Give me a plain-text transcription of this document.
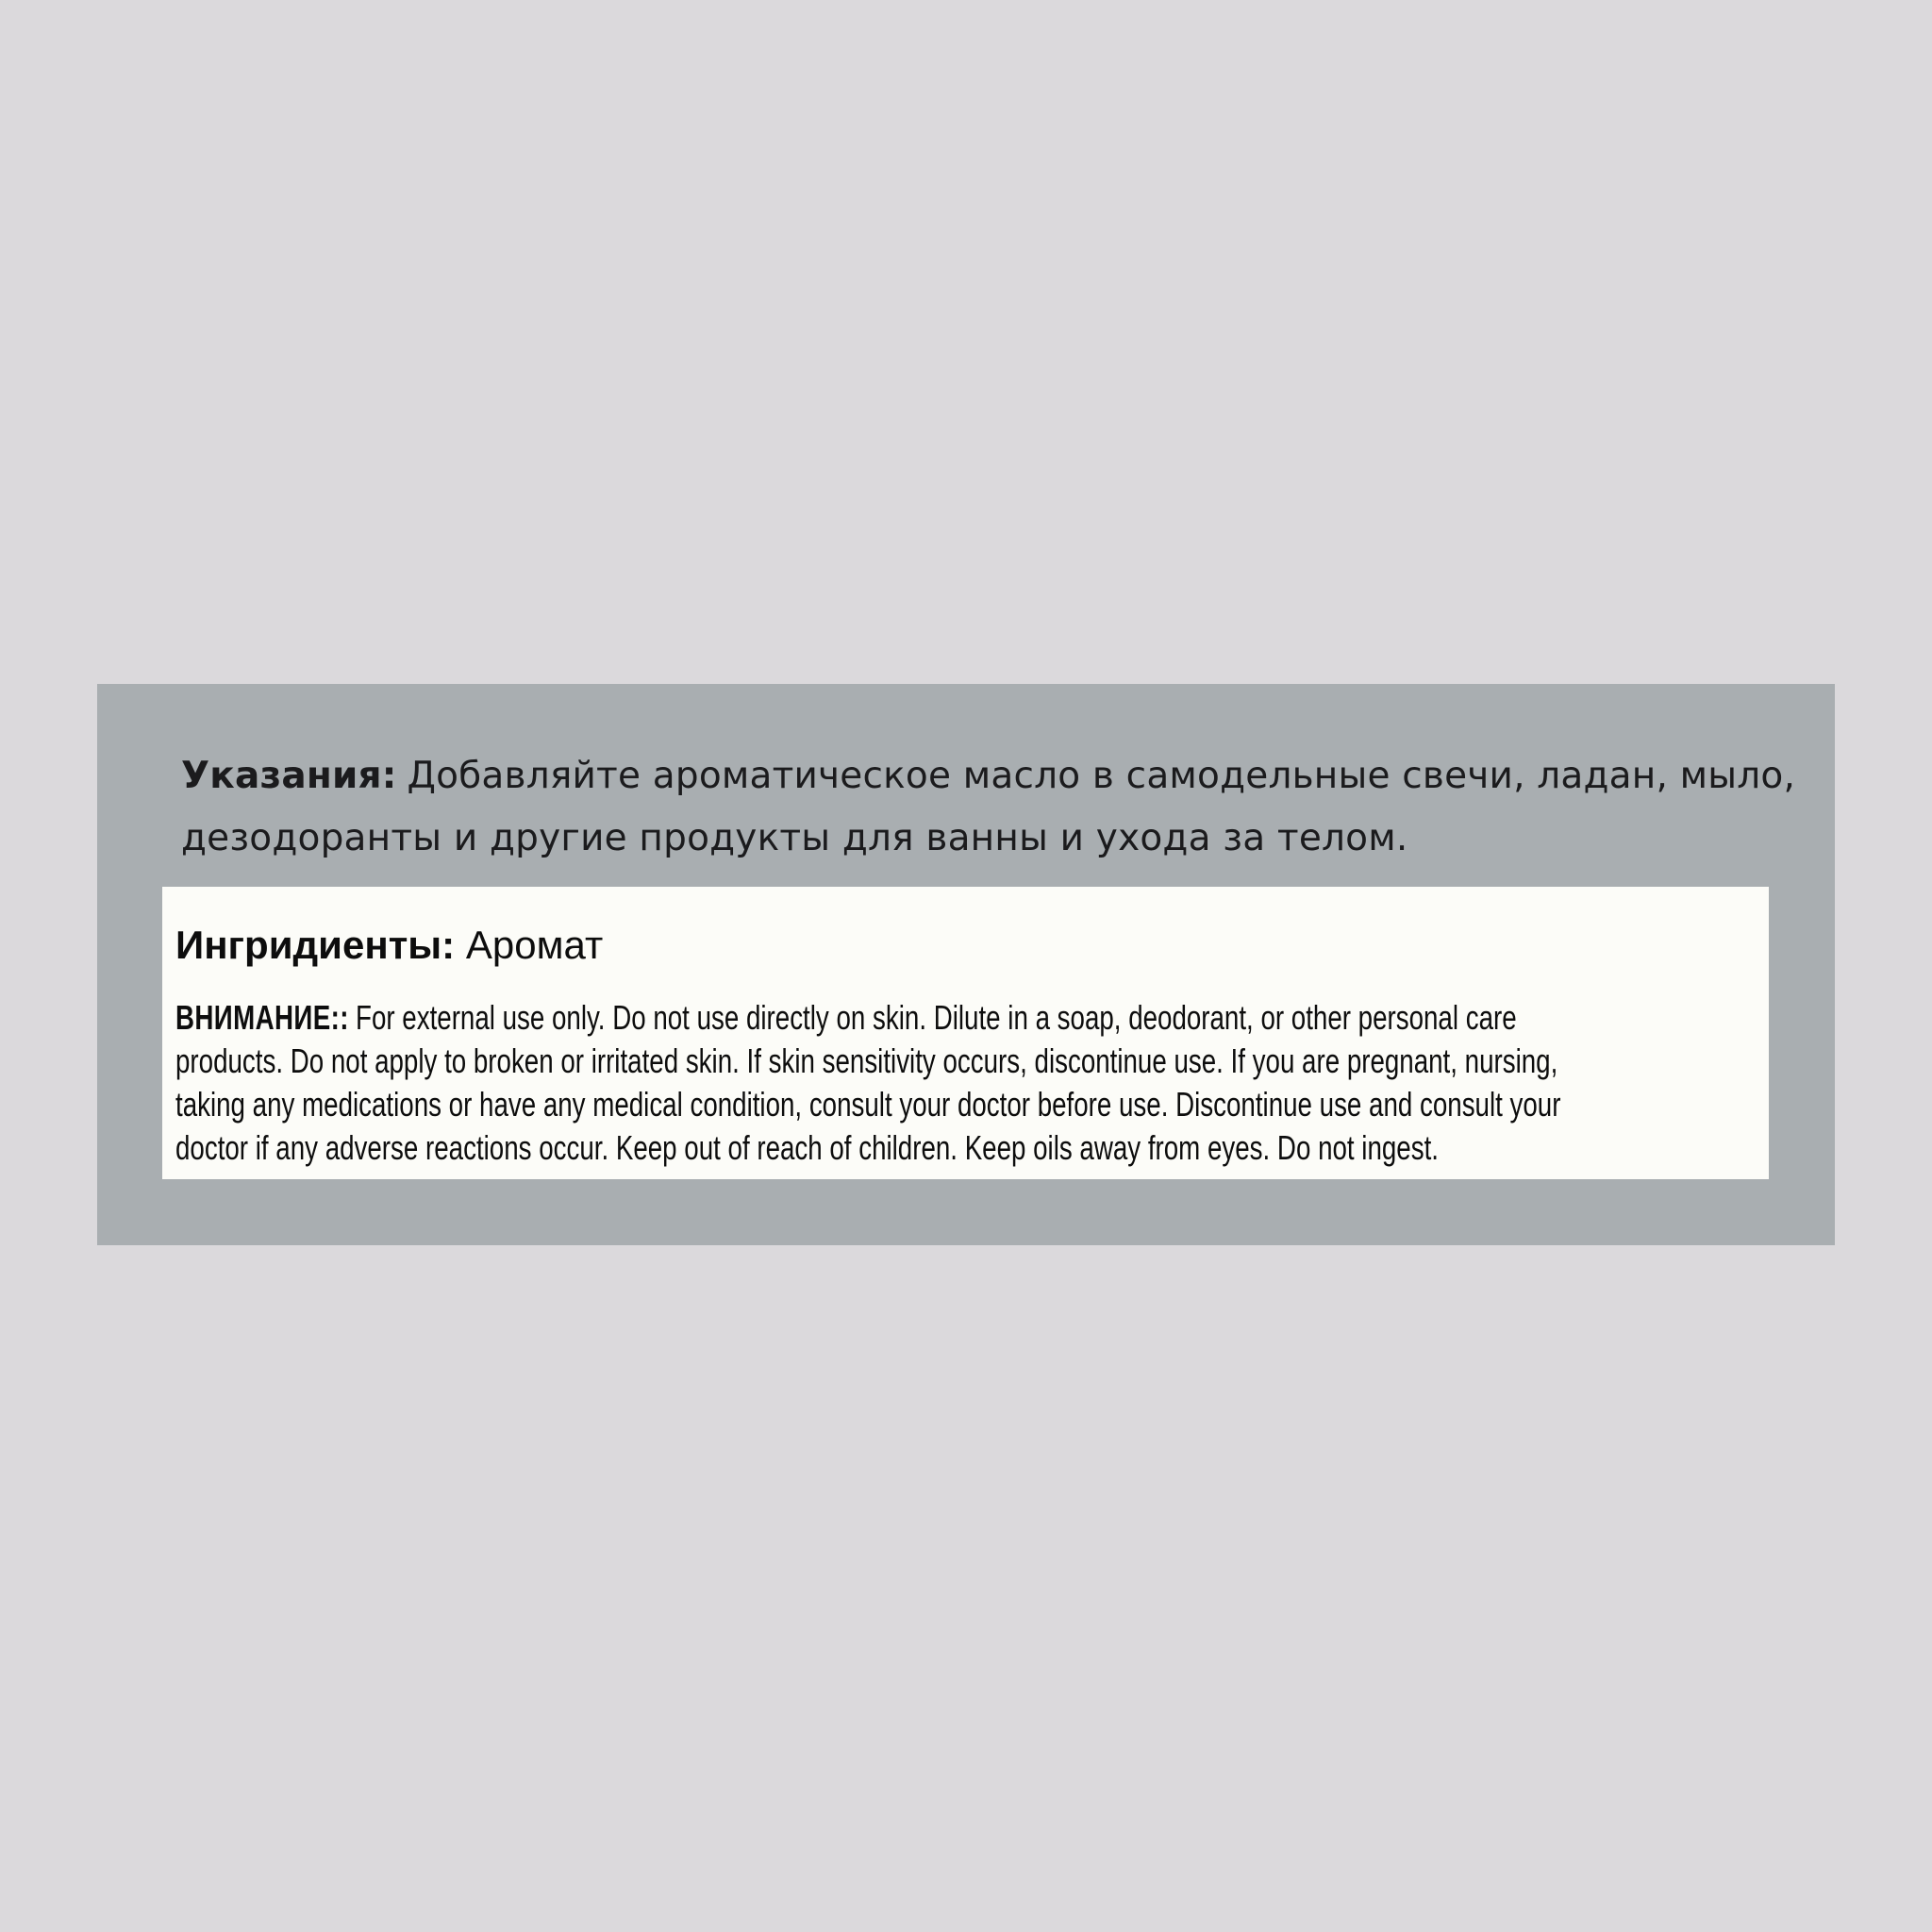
Указания: Добавляйте ароматическое масло в самодельные свечи, ладан, мыло,
дезодоранты и другие продукты для ванны и ухода за телом.
Ингридиенты: Аромат
ВНИМАНИЕ:: For external use only. Do not use directly on skin. Dilute in a soap, deodorant, or other personal care
products. Do not apply to broken or irritated skin. If skin sensitivity occurs, discontinue use. If you are pregnant, nursing,
taking any medications or have any medical condition, consult your doctor before use. Discontinue use and consult your
doctor if any adverse reactions occur. Keep out of reach of children. Keep oils away from eyes. Do not ingest.
